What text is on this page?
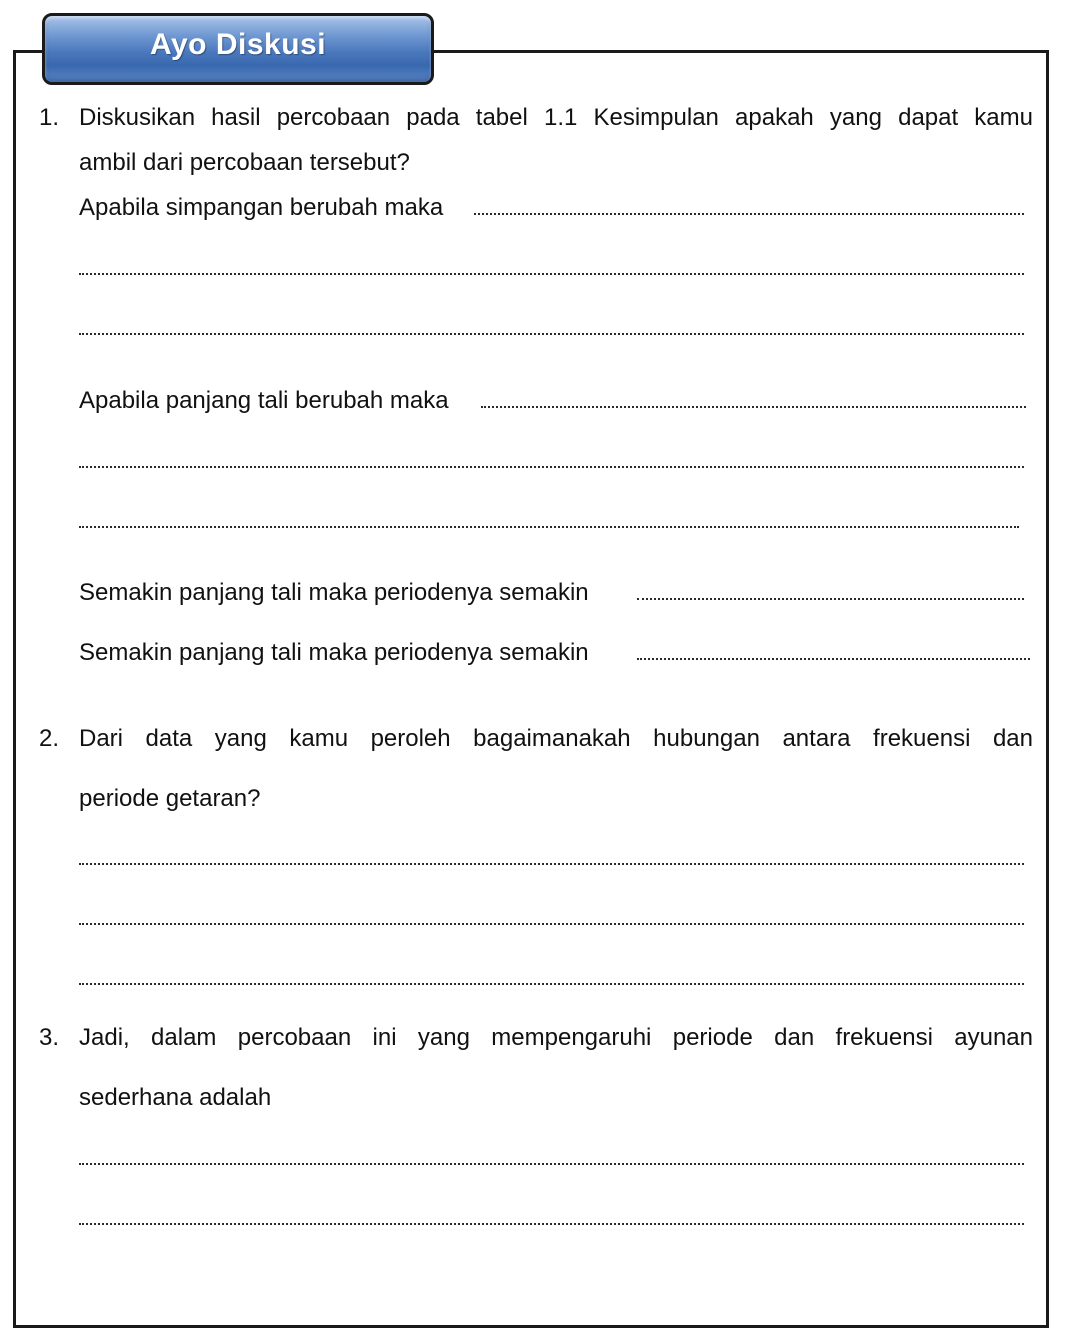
Ayo Diskusi
1. Diskusikan hasil percobaan pada tabel 1.1 Kesimpulan apakah yang dapat kamu
ambil dari percobaan tersebut?
Apabila simpangan berubah maka
Apabila panjang tali berubah maka
Semakin panjang tali maka periodenya semakin
Semakin panjang tali maka periodenya semakin
2. Dari data yang kamu peroleh bagaimanakah hubungan antara frekuensi dan
periode getaran?
3. Jadi, dalam percobaan ini yang mempengaruhi periode dan frekuensi ayunan
sederhana adalah
